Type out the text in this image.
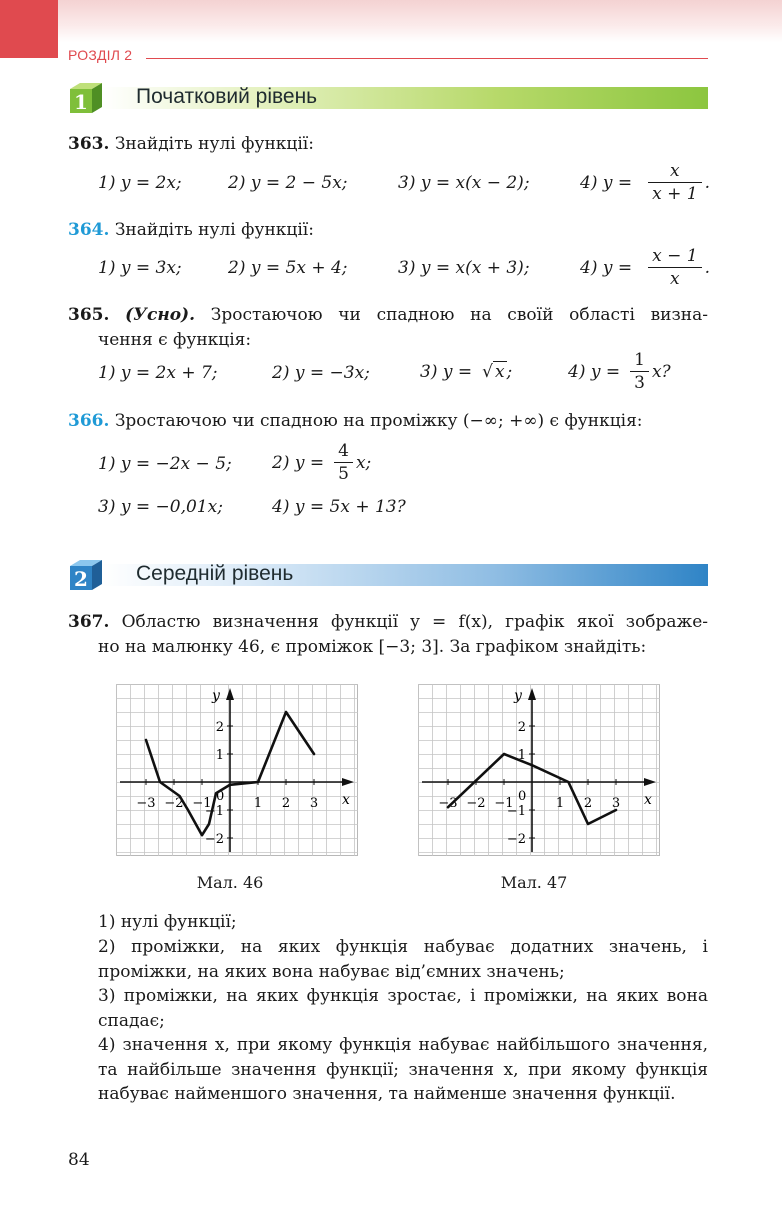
РОЗДІЛ 2
1 Початковий рівень
363. Знайдіть нулі функції:
1) y = 2x;	2) y = 2 − 5x;	3) y = x(x − 2);	4) $y = \frac{x}{x + 1}$ .
364. Знайдіть нулі функції:
1) y = 3x;	2) y = 5x + 4;	3) y = x(x + 3);	4) $y = \frac{x - 1}{x}$ .
365. (Усно). Зростаючою чи спадною на своїй області визна-
чення є функція:
1) y = 2x + 7;	2) y = −3x;	3) y = √ x ;	4) $y = \frac{1}{3} x$?
366. Зростаючою чи спадною на проміжку (−∞; +∞) є функція:
1) y = −2x − 5; 2) $y = \frac{4}{5} x$;
3) y = −0,01x;	4) y = 5x + 13?
2 Середній рівень
367. Областю визначення функції y = f(x), графік якої зображе-
но на малюнку 46, є проміжок [−3; 3]. За графіком знайдіть:
x
y
−3 −2 −1	1 2 3
2
1
−1
−2
0	x
y
−3 −2 −1	1 2 3
2
1
−1
−2
0
Мал. 46	Мал. 47
1) нулі функції;
2) проміжки, на яких функція набуває додатних значень, і проміжки, на яких вона набуває від’ємних значень;
3) проміжки, на яких функція зростає, і проміжки, на яких вона спадає;
4) значення x, при якому функція набуває найбільшого значення, та найбільше значення функції; значення x, при якому функція набуває найменшого значення, та найменше значення функції.
84
